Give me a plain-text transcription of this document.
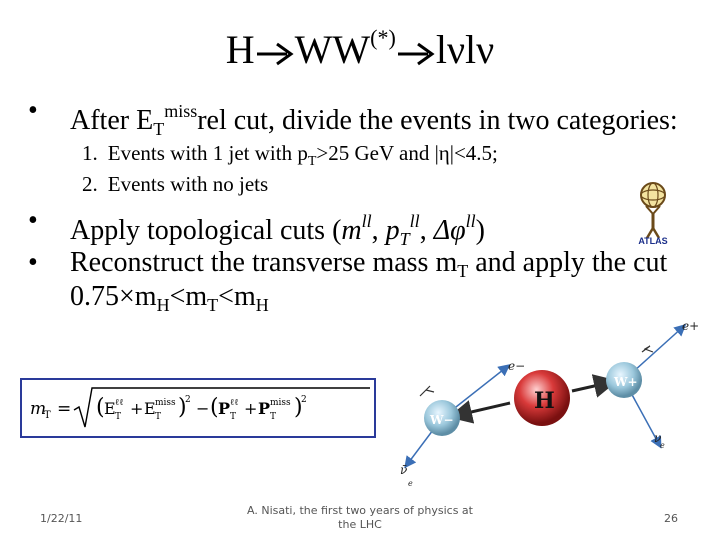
H WW(*) lνlν
• After $E_T^{miss}rel$ cut, divide the events in two categories:
1. Events with 1 jet with $p_T>25$ GeV and |η|<4.5;
2. Events with no jets
ATLAS
• Apply topological cuts ($m^{ll}$, $p_T^{ll}$, $\Delta\varphi^{ll}$)
• Reconstruct the transverse mass $m_T$ and apply the cut
$0.75\times m_H<m_T<m_H$
m
T = ( E ℓℓ
T + E miss
T )
2 − ( P ℓℓ
T + P miss
T )
2	H
W+
W−
e+
e−
ν
e
ν̄
e
1/22/11
A. Nisati, the first two years of physics at
the LHC	26
